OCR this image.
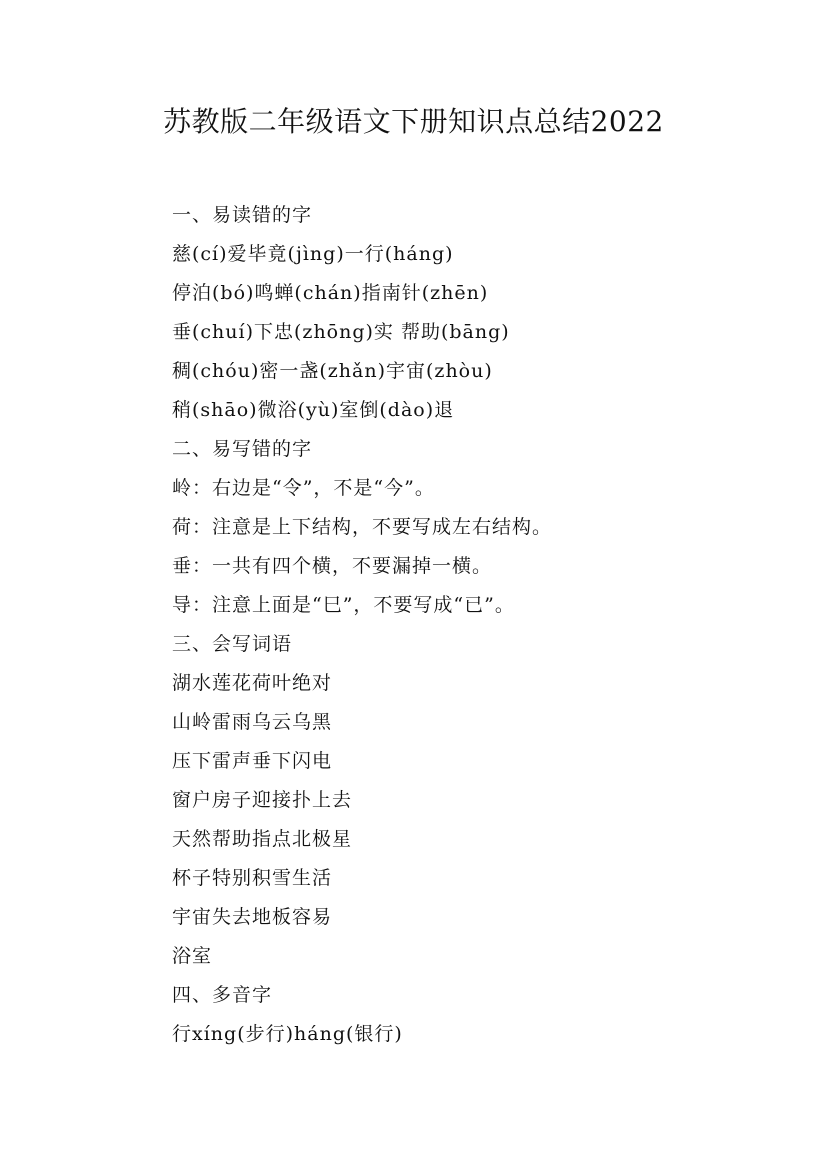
苏教版二年级语文下册知识点总结2022
一、易读错的字
慈(cí)爱毕竟(jìng)一行(háng)
停泊(bó)鸣蝉(chán)指南针(zhēn)
垂(chuí)下忠(zhōng)实 帮助(bāng)
稠(chóu)密一盏(zhǎn)宇宙(zhòu)
稍(shāo)微浴(yù)室倒(dào)退
二、易写错的字
岭：右边是“令”，不是“今”。
荷：注意是上下结构，不要写成左右结构。
垂：一共有四个横，不要漏掉一横。
导：注意上面是“巳”，不要写成“已”。
三、会写词语
湖水莲花荷叶绝对
山岭雷雨乌云乌黑
压下雷声垂下闪电
窗户房子迎接扑上去
天然帮助指点北极星
杯子特别积雪生活
宇宙失去地板容易
浴室
四、多音字
行xíng(步行)háng(银行)
